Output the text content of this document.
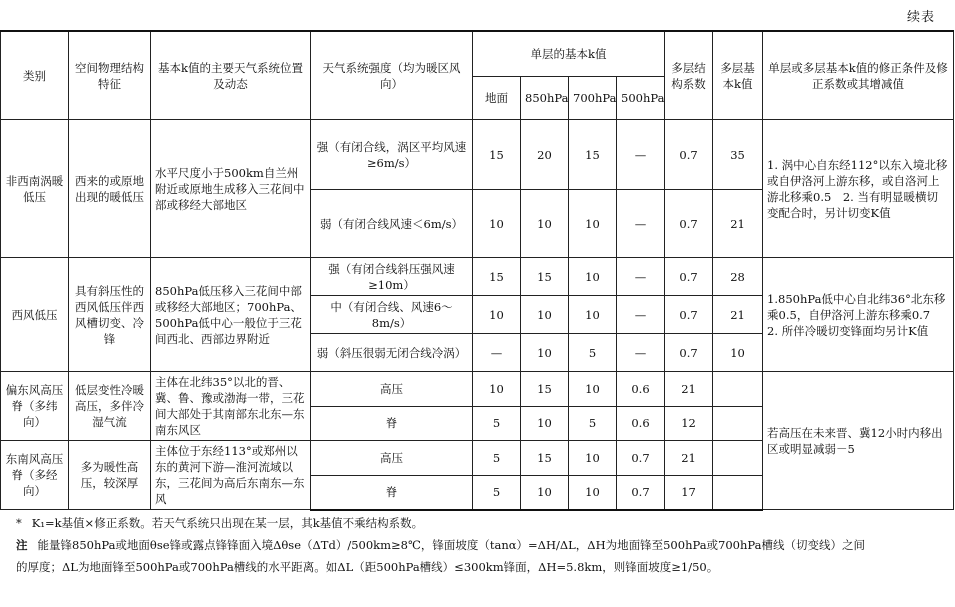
续表
类别	空间物理结构特征	基本k值的主要天气系统位置及动态	天气系统强度（均为暖区风向）	单层的基本k值				多层结构系数	多层基本k值	单层或多层基本k值的修正条件及修正系数或其增减值
				地面	850hPa	700hPa	500hPa			
非西南涡暖低压	西来的或原地出现的暖低压	水平尺度小于500km自兰州附近或原地生成移入三花间中部或移经大部地区	强（有闭合线，涡区平均风速≥6m/s）	15	20	15	—	0.7	35	1. 涡中心自东经112°以东入境北移或自伊洛河上游东移，或自洛河上游北移乘0.5　2. 当有明显暖横切变配合时，另计切变K值
			弱（有闭合线风速＜6m/s）	10	10	10	—	0.7	21	
西风低压	具有斜压性的西风低压伴西风槽切变、冷锋	850hPa低压移入三花间中部或移经大部地区；700hPa、500hPa低中心一般位于三花间西北、西部边界附近	强（有闭合线斜压强风速≥10m）	15	15	10	—	0.7	28	1.850hPa低中心自北纬36°北东移乘0.5，自伊洛河上游东移乘0.7　2. 所伴冷暖切变锋面均另计K值
			中（有闭合线、风速6～8m/s）	10	10	10	—	0.7	21	
			弱（斜压很弱无闭合线冷涡）	—	10	5	—	0.7	10	
偏东风高压脊（多纬向）	低层变性冷暖高压，多伴冷湿气流	主体在北纬35°以北的晋、冀、鲁、豫或渤海一带，三花间大部处于其南部东北东—东南东风区	高压	10	15	10	0.6	21		若高压在未来晋、冀12小时内移出区或明显减弱－5
			脊	5	10	5	0.6	12		
东南风高压脊（多经向）	多为暖性高压，较深厚	主体位于东经113°或郑州以东的黄河下游—淮河流域以东，三花间为高后东南东—东风	高压	5	15	10	0.7	21		
			脊	5	10	10	0.7	17		
* K₁=k基值×修正系数。若天气系统只出现在某一层，其k基值不乘结构系数。
注 能量锋850hPa或地面θse锋或露点锋锋面入境Δθse（ΔTd）/500km≥8℃，锋面坡度（tanα）=ΔH/ΔL，ΔH为地面锋至500hPa或700hPa槽线（切变线）之间
的厚度；ΔL为地面锋至500hPa或700hPa槽线的水平距离。如ΔL（距500hPa槽线）≤300km锋面，ΔH=5.8km，则锋面坡度≥1/50。
